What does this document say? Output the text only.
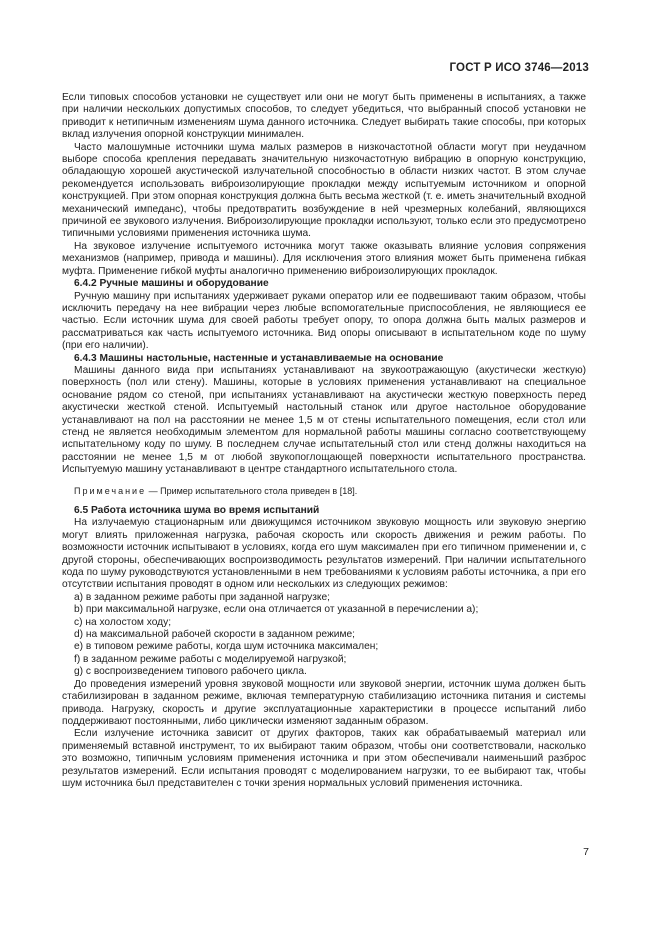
ГОСТ Р ИСО 3746—2013

Если типовых способов установки не существует или они не могут быть применены в испытаниях, а также при наличии нескольких допустимых способов, то следует убедиться, что выбранный способ установки не приводит к нетипичным изменениям шума данного источника. Следует выбирать такие способы, при которых вклад излучения опорной конструкции минимален.

Часто малошумные источники шума малых размеров в низкочастотной области могут при неудачном выборе способа крепления передавать значительную низкочастотную вибрацию в опорную конструкцию, обладающую хорошей акустической излучательной способностью в области низких частот. В этом случае рекомендуется использовать виброизолирующие прокладки между испытуемым источником и опорной конструкцией. При этом опорная конструкция должна быть весьма жесткой (т. е. иметь значительный входной механический импеданс), чтобы предотвратить возбуждение в ней чрезмерных колебаний, являющихся причиной ее звукового излучения. Виброизолирующие прокладки используют, только если это предусмотрено типичными условиями применения источника шума.

На звуковое излучение испытуемого источника могут также оказывать влияние условия сопряжения механизмов (например, привода и машины). Для исключения этого влияния может быть применена гибкая муфта. Применение гибкой муфты аналогично применению виброизолирующих прокладок.

6.4.2 Ручные машины и оборудование

Ручную машину при испытаниях удерживает руками оператор или ее подвешивают таким образом, чтобы исключить передачу на нее вибрации через любые вспомогательные приспособления, не являющиеся ее частью. Если источник шума для своей работы требует опору, то опора должна быть малых размеров и рассматриваться как часть испытуемого источника. Вид опоры описывают в испытательном коде по шуму (при его наличии).

6.4.3 Машины настольные, настенные и устанавливаемые на основание

Машины данного вида при испытаниях устанавливают на звукоотражающую (акустически жесткую) поверхность (пол или стену). Машины, которые в условиях применения устанавливают на специальное основание рядом со стеной, при испытаниях устанавливают на акустически жесткую поверхность перед акустически жесткой стеной. Испытуемый настольный станок или другое настольное оборудование устанавливают на пол на расстоянии не менее 1,5 м от стены испытательного помещения, если стол или стенд не является необходимым элементом для нормальной работы машины согласно соответствующему испытательному коду по шуму. В последнем случае испытательный стол или стенд должны находиться на расстоянии не менее 1,5 м от любой звукопоглощающей поверхности испытательного пространства. Испытуемую машину устанавливают в центре стандартного испытательного стола.

Примечание — Пример испытательного стола приведен в [18].

6.5 Работа источника шума во время испытаний

На излучаемую стационарным или движущимся источником звуковую мощность или звуковую энергию могут влиять приложенная нагрузка, рабочая скорость или скорость движения и режим работы. По возможности источник испытывают в условиях, когда его шум максимален при его типичном применении и, с другой стороны, обеспечивающих воспроизводимость результатов измерений. При наличии испытательного кода по шуму руководствуются установленными в нем требованиями к условиям работы источника, а при его отсутствии испытания проводят в одном или нескольких из следующих режимов:

a) в заданном режиме работы при заданной нагрузке;
b) при максимальной нагрузке, если она отличается от указанной в перечислении a);
c) на холостом ходу;
d) на максимальной рабочей скорости в заданном режиме;
e) в типовом режиме работы, когда шум источника максимален;
f) в заданном режиме работы с моделируемой нагрузкой;
g) с воспроизведением типового рабочего цикла.

До проведения измерений уровня звуковой мощности или звуковой энергии, источник шума должен быть стабилизирован в заданном режиме, включая температурную стабилизацию источника питания и системы привода. Нагрузку, скорость и другие эксплуатационные характеристики в процессе испытаний либо поддерживают постоянными, либо циклически изменяют заданным образом.

Если излучение источника зависит от других факторов, таких как обрабатываемый материал или применяемый вставной инструмент, то их выбирают таким образом, чтобы они соответствовали, насколько это возможно, типичным условиям применения источника и при этом обеспечивали наименьший разброс результатов измерений. Если испытания проводят с моделированием нагрузки, то ее выбирают так, чтобы шум источника был представителен с точки зрения нормальных условий применения источника.

7
